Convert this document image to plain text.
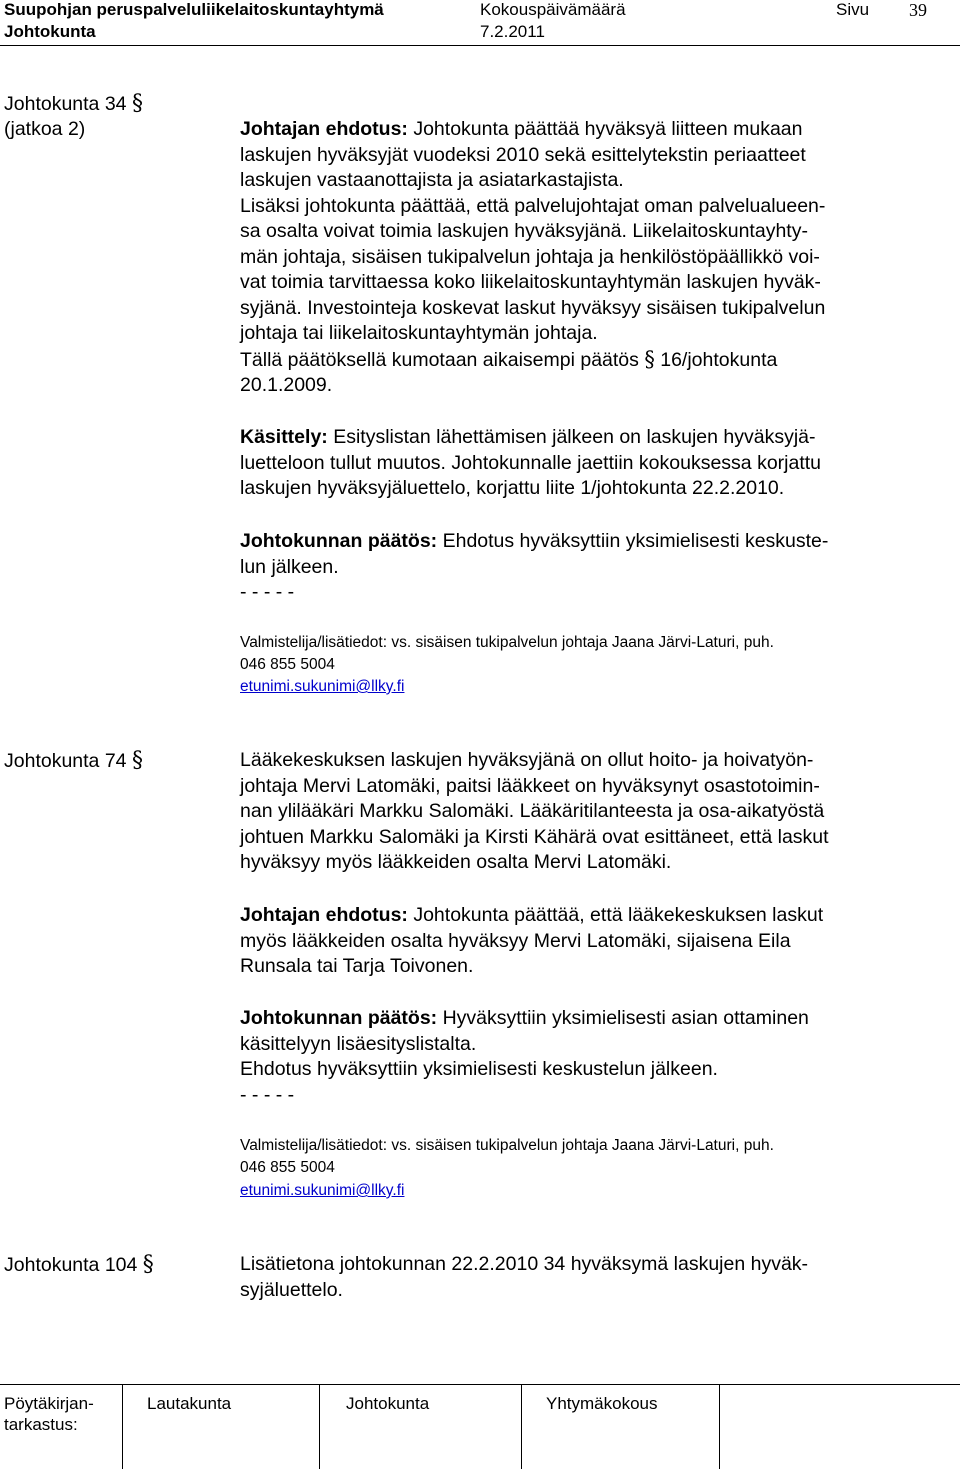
Suupohjan peruspalveluliikelaitoskuntayhtymä
Johtokunta
Kokouspäivämäärä
7.2.2011
Sivu 39
Johtokunta 34 §
(jatkoa 2)	Johtajan ehdotus: Johtokunta päättää hyväksyä liitteen mukaan
laskujen hyväksyjät vuodeksi 2010 sekä esittelytekstin periaatteet
laskujen vastaanottajista ja asiatarkastajista.
Lisäksi johtokunta päättää, että palvelujohtajat oman palvelualueen-
sa osalta voivat toimia laskujen hyväksyjänä. Liikelaitoskuntayhty-
män johtaja, sisäisen tukipalvelun johtaja ja henkilöstöpäällikkö voi-
vat toimia tarvittaessa koko liikelaitoskuntayhtymän laskujen hyväk-
syjänä. Investointeja koskevat laskut hyväksyy sisäisen tukipalvelun
johtaja tai liikelaitoskuntayhtymän johtaja.
Tällä päätöksellä kumotaan aikaisempi päätös § 16/johtokunta
20.1.2009.
Käsittely: Esityslistan lähettämisen jälkeen on laskujen hyväksyjä-
luetteloon tullut muutos. Johtokunnalle jaettiin kokouksessa korjattu
laskujen hyväksyjäluettelo, korjattu liite 1/johtokunta 22.2.2010.
Johtokunnan päätös: Ehdotus hyväksyttiin yksimielisesti keskuste-
lun jälkeen.
- - - - -
Valmistelija/lisätiedot: vs. sisäisen tukipalvelun johtaja Jaana Järvi-Laturi, puh.
046 855 5004
etunimi.sukunimi@llky.fi
Johtokunta 74 §	Lääkekeskuksen laskujen hyväksyjänä on ollut hoito- ja hoivatyön-
johtaja Mervi Latomäki, paitsi lääkkeet on hyväksynyt osastotoimin-
nan ylilääkäri Markku Salomäki. Lääkäritilanteesta ja osa-aikatyöstä
johtuen Markku Salomäki ja Kirsti Kähärä ovat esittäneet, että laskut
hyväksyy myös lääkkeiden osalta Mervi Latomäki.
Johtajan ehdotus: Johtokunta päättää, että lääkekeskuksen laskut
myös lääkkeiden osalta hyväksyy Mervi Latomäki, sijaisena Eila
Runsala tai Tarja Toivonen.
Johtokunnan päätös: Hyväksyttiin yksimielisesti asian ottaminen
käsittelyyn lisäesityslistalta.
Ehdotus hyväksyttiin yksimielisesti keskustelun jälkeen.
- - - - -
Valmistelija/lisätiedot: vs. sisäisen tukipalvelun johtaja Jaana Järvi-Laturi, puh.
046 855 5004
etunimi.sukunimi@llky.fi
Johtokunta 104 §	Lisätietona johtokunnan 22.2.2010 34 hyväksymä laskujen hyväk-
syjäluettelo.
Pöytäkirjan-
tarkastus:
Lautakunta	Johtokunta	Yhtymäkokous
